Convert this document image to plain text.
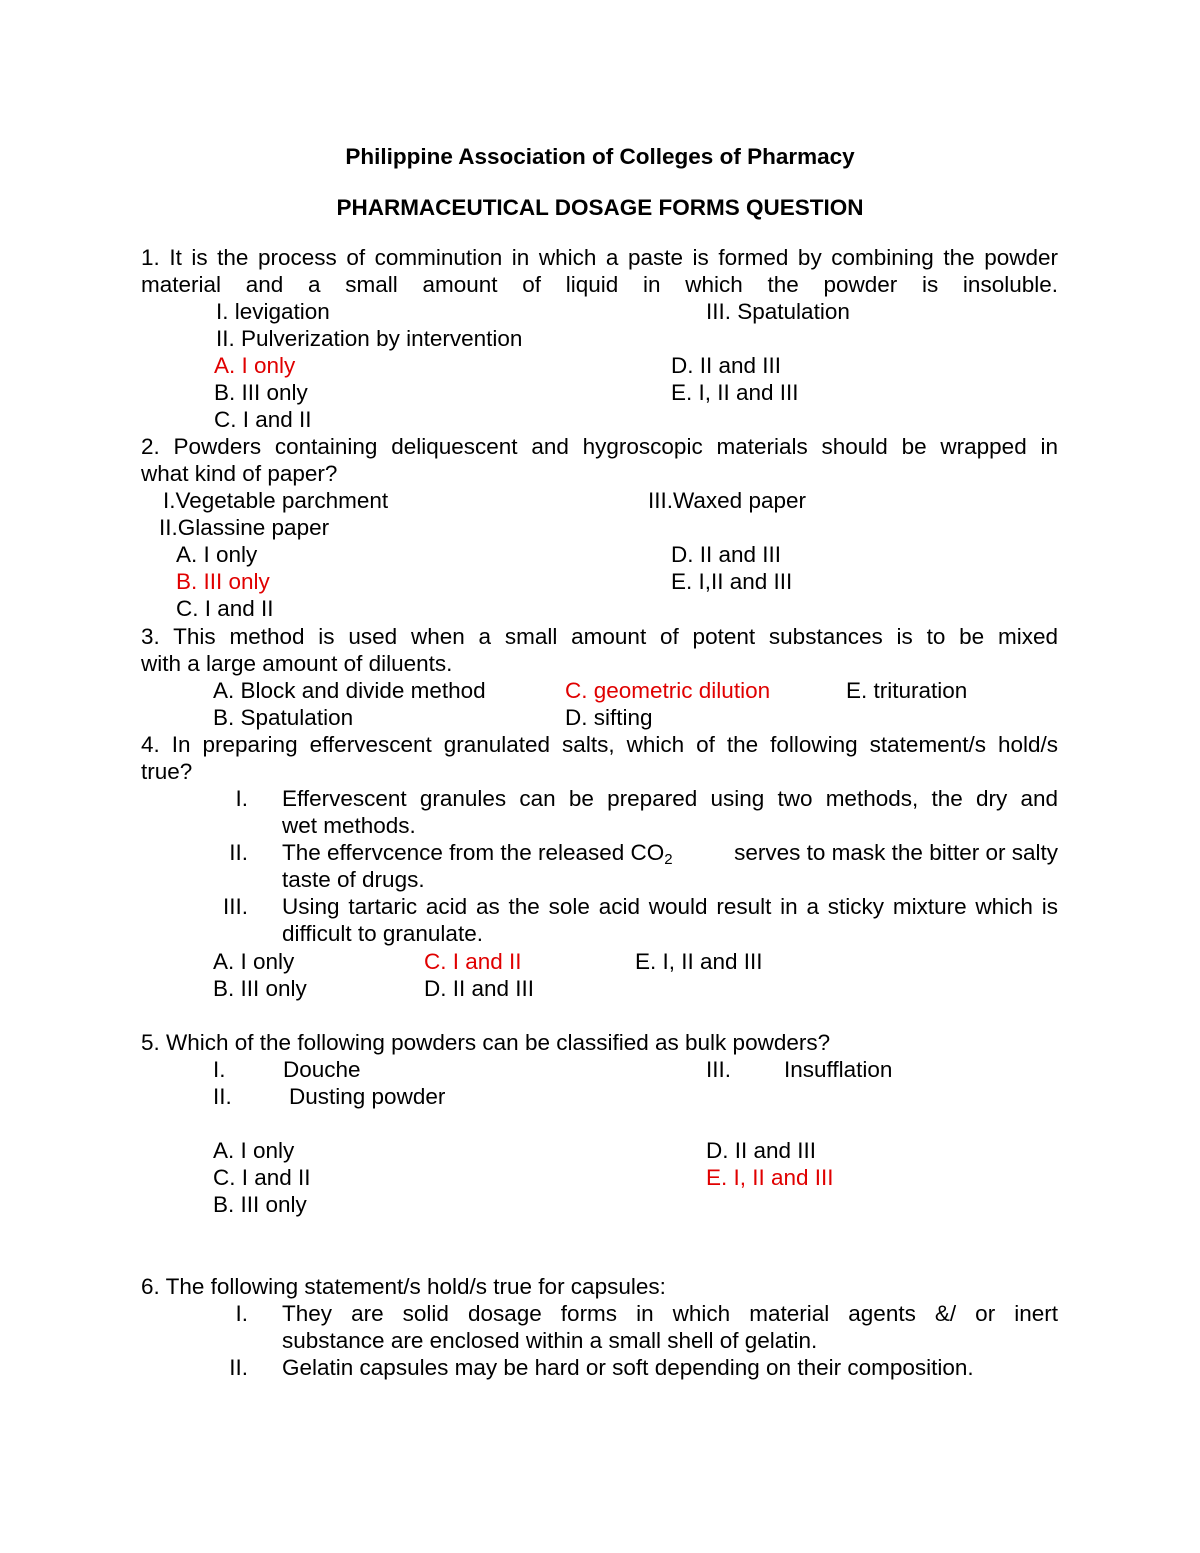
Philippine Association of Colleges of Pharmacy
PHARMACEUTICAL DOSAGE FORMS QUESTION
1. It is the process of comminution in which a paste is formed by combining the powder
material and a small amount of liquid in which the powder is insoluble.
I. levigation	III. Spatulation
II. Pulverization by intervention
A. I only	D. II and III
B. III only	E. I, II and III
C. I and II
2. Powders containing deliquescent and hygroscopic materials should be wrapped in
what kind of paper?
I.Vegetable parchment	III.Waxed paper
II.Glassine paper
A. I only	D. II and III
B. III only	E. I,II and III
C. I and II
3. This method is used when a small amount of potent substances is to be mixed
with a large amount of diluents.
A. Block and divide method	C. geometric dilution	E. trituration
B. Spatulation	D. sifting
4. In preparing effervescent granulated salts, which of the following statement/s hold/s
true?
I. Effervescent granules can be prepared using two methods, the dry and
wet methods.
II. The effervcence from the released $CO_2$ serves to mask the bitter or salty
taste of drugs.
III. Using tartaric acid as the sole acid would result in a sticky mixture which is
difficult to granulate.
A. I only	C. I and II	E. I, II and III
B. III only	D. II and III
5. Which of the following powders can be classified as bulk powders?
I.	Douche	III. Insufflation
II.	Dusting powder
A. I only	D. II and III
C. I and II	E. I, II and III
B. III only
6. The following statement/s hold/s true for capsules:
I. They are solid dosage forms in which material agents &/ or inert
substance are enclosed within a small shell of gelatin.
II. Gelatin capsules may be hard or soft depending on their composition.
